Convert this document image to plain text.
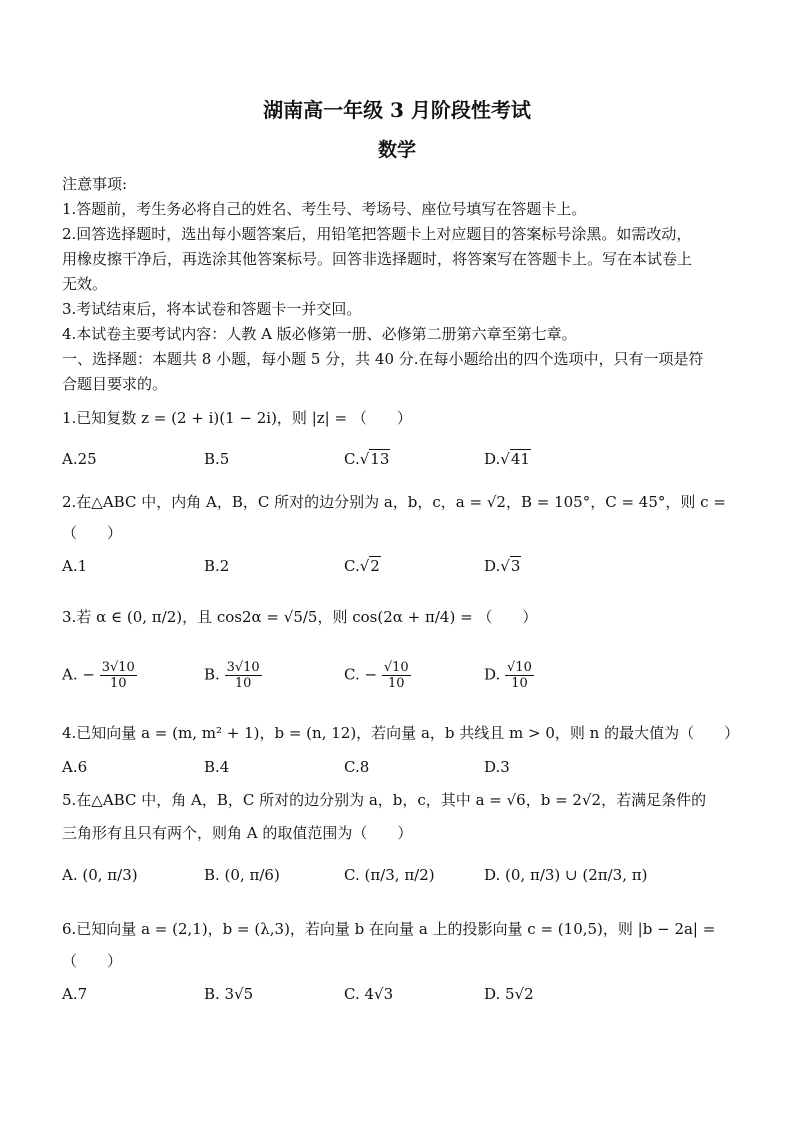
湖南高一年级 3 月阶段性考试
数学
注意事项:
1.答题前，考生务必将自己的姓名、考生号、考场号、座位号填写在答题卡上。
2.回答选择题时，选出每小题答案后，用铅笔把答题卡上对应题目的答案标号涂黑。如需改动，
用橡皮擦干净后，再选涂其他答案标号。回答非选择题时，将答案写在答题卡上。写在本试卷上
无效。
3.考试结束后，将本试卷和答题卡一并交回。
4.本试卷主要考试内容：人教 A 版必修第一册、必修第二册第六章至第七章。
一、选择题：本题共 8 小题，每小题 5 分，共 40 分.在每小题给出的四个选项中，只有一项是符
合题目要求的。
1.已知复数 z = (2 + i)(1 − 2i)，则 |z| = （　　）
A.25	B.5	C.√13	D.√41
2.在△ABC 中，内角 A，B，C 所对的边分别为 a，b，c，a = √2，B = 105°，C = 45°，则 c =
（　　）
A.1	B.2	C.√2	D.√3
3.若 α ∈ (0, π/2)，且 cos2α = √5/5，则 cos(2α + π/4) = （　　）
A. − $\frac{3√10}{10}$	B. $\frac{3√10}{10}$	C. − $\frac{√10}{10}$	D. $\frac{√10}{10}$
4.已知向量 a = (m, m² + 1)，b = (n, 12)，若向量 a，b 共线且 m > 0，则 n 的最大值为（　　）
A.6	B.4	C.8	D.3
5.在△ABC 中，角 A，B，C 所对的边分别为 a，b，c，其中 a = √6，b = 2√2，若满足条件的
三角形有且只有两个，则角 A 的取值范围为（　　）
A. (0, π/3)	B. (0, π/6)	C. (π/3, π/2)	D. (0, π/3) ∪ (2π/3, π)
6.已知向量 a = (2,1)，b = (λ,3)，若向量 b 在向量 a 上的投影向量 c = (10,5)，则 |b − 2a| =
（　　）
A.7	B. 3√5	C. 4√3	D. 5√2
